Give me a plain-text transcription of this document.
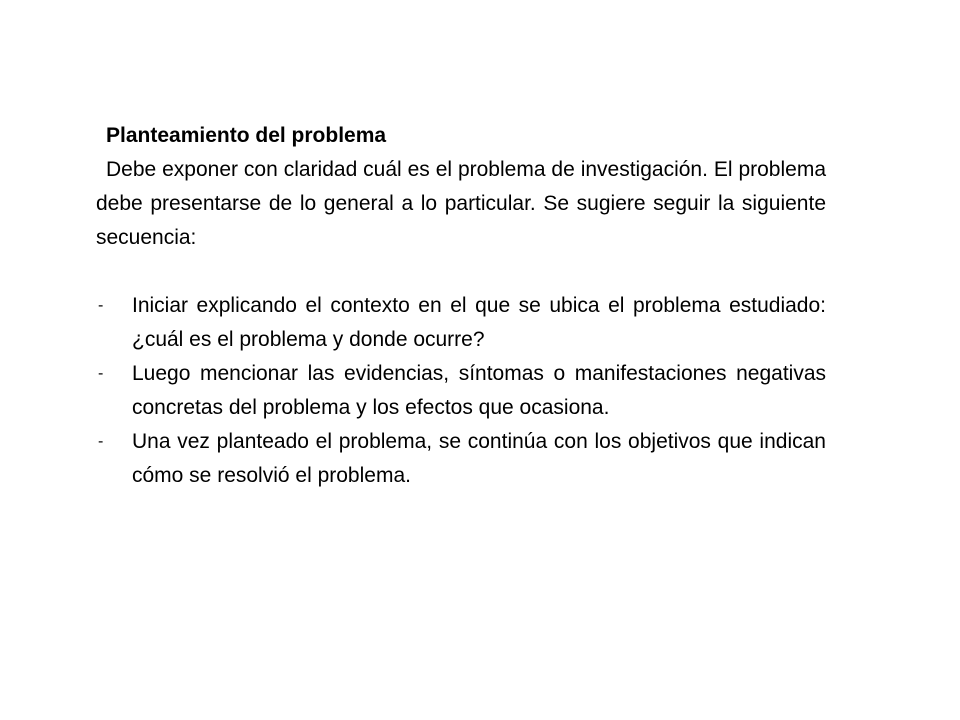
Planteamiento del problema

Debe exponer con claridad cuál es el problema de investigación. El problema debe presentarse de lo general a lo particular. Se sugiere seguir la siguiente secuencia:

- Iniciar explicando el contexto en el que se ubica el problema estudiado: ¿cuál es el problema y donde ocurre?
- Luego mencionar las evidencias, síntomas o manifestaciones negativas concretas del problema y los efectos que ocasiona.
- Una vez planteado el problema, se continúa con los objetivos que indican cómo se resolvió el problema.
